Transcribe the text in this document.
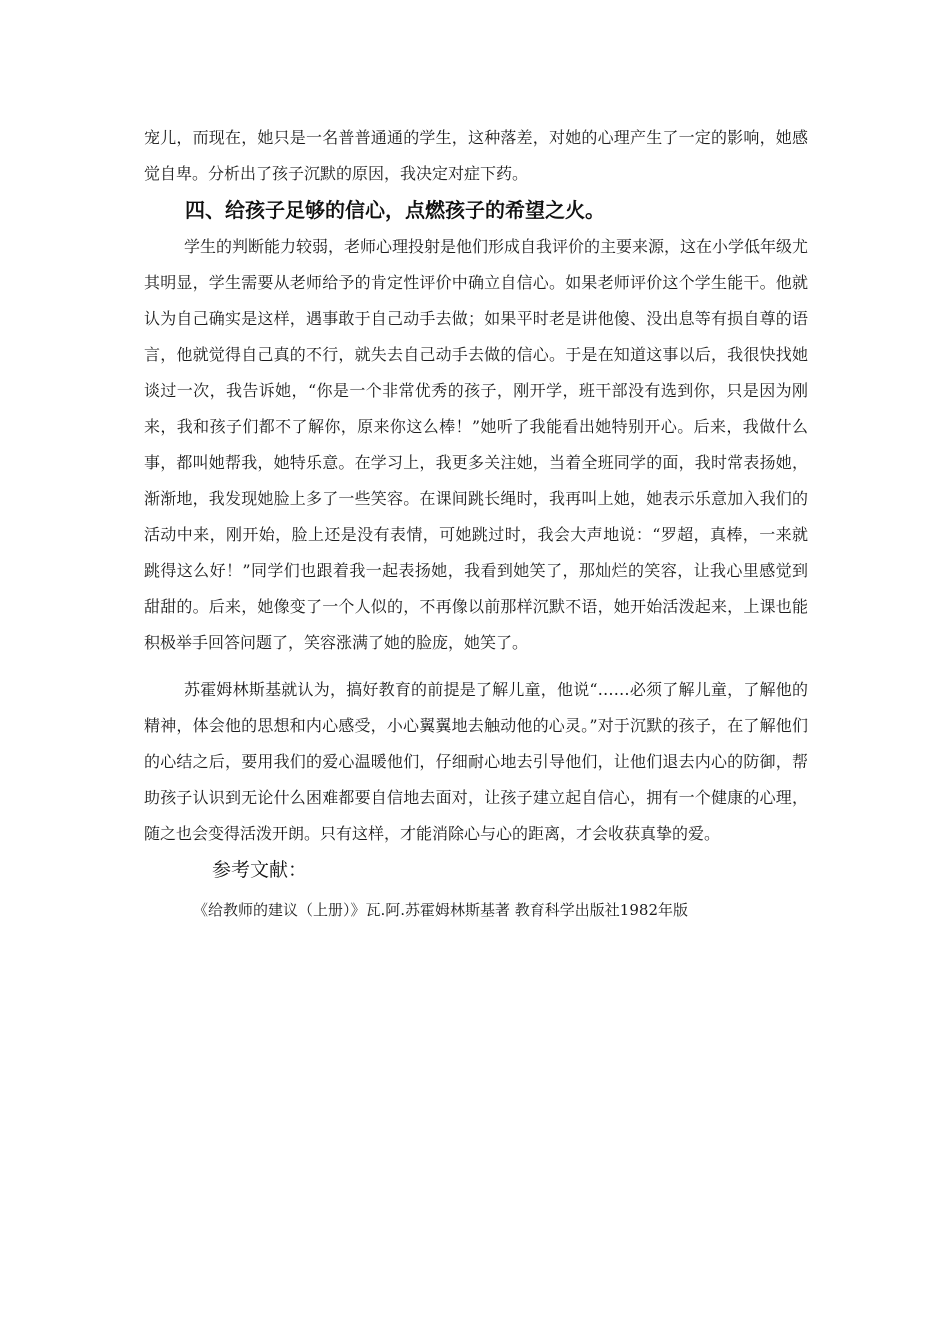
宠儿，而现在，她只是一名普普通通的学生，这种落差，对她的心理产生了一定的影响，她感觉自卑。分析出了孩子沉默的原因，我决定对症下药。

四、给孩子足够的信心，点燃孩子的希望之火。

学生的判断能力较弱，老师心理投射是他们形成自我评价的主要来源，这在小学低年级尤其明显，学生需要从老师给予的肯定性评价中确立自信心。如果老师评价这个学生能干。他就认为自己确实是这样，遇事敢于自己动手去做；如果平时老是讲他傻、没出息等有损自尊的语言，他就觉得自己真的不行，就失去自己动手去做的信心。于是在知道这事以后，我很快找她谈过一次，我告诉她，“你是一个非常优秀的孩子，刚开学，班干部没有选到你，只是因为刚来，我和孩子们都不了解你，原来你这么棒！”她听了我能看出她特别开心。后来，我做什么事，都叫她帮我，她特乐意。在学习上，我更多关注她，当着全班同学的面，我时常表扬她，渐渐地，我发现她脸上多了一些笑容。在课间跳长绳时，我再叫上她，她表示乐意加入我们的活动中来，刚开始，脸上还是没有表情，可她跳过时，我会大声地说：“罗超，真棒，一来就跳得这么好！”同学们也跟着我一起表扬她，我看到她笑了，那灿烂的笑容，让我心里感觉到甜甜的。后来，她像变了一个人似的，不再像以前那样沉默不语，她开始活泼起来，上课也能积极举手回答问题了，笑容涨满了她的脸庞，她笑了。

苏霍姆林斯基就认为，搞好教育的前提是了解儿童，他说“……必须了解儿童，了解他的精神，体会他的思想和内心感受，小心翼翼地去触动他的心灵。”对于沉默的孩子，在了解他们的心结之后，要用我们的爱心温暖他们，仔细耐心地去引导他们，让他们退去内心的防御，帮助孩子认识到无论什么困难都要自信地去面对，让孩子建立起自信心，拥有一个健康的心理，随之也会变得活泼开朗。只有这样，才能消除心与心的距离，才会收获真挚的爱。

参考文献：
《给教师的建议（上册）》瓦.阿.苏霍姆林斯基著 教育科学出版社1982年版
